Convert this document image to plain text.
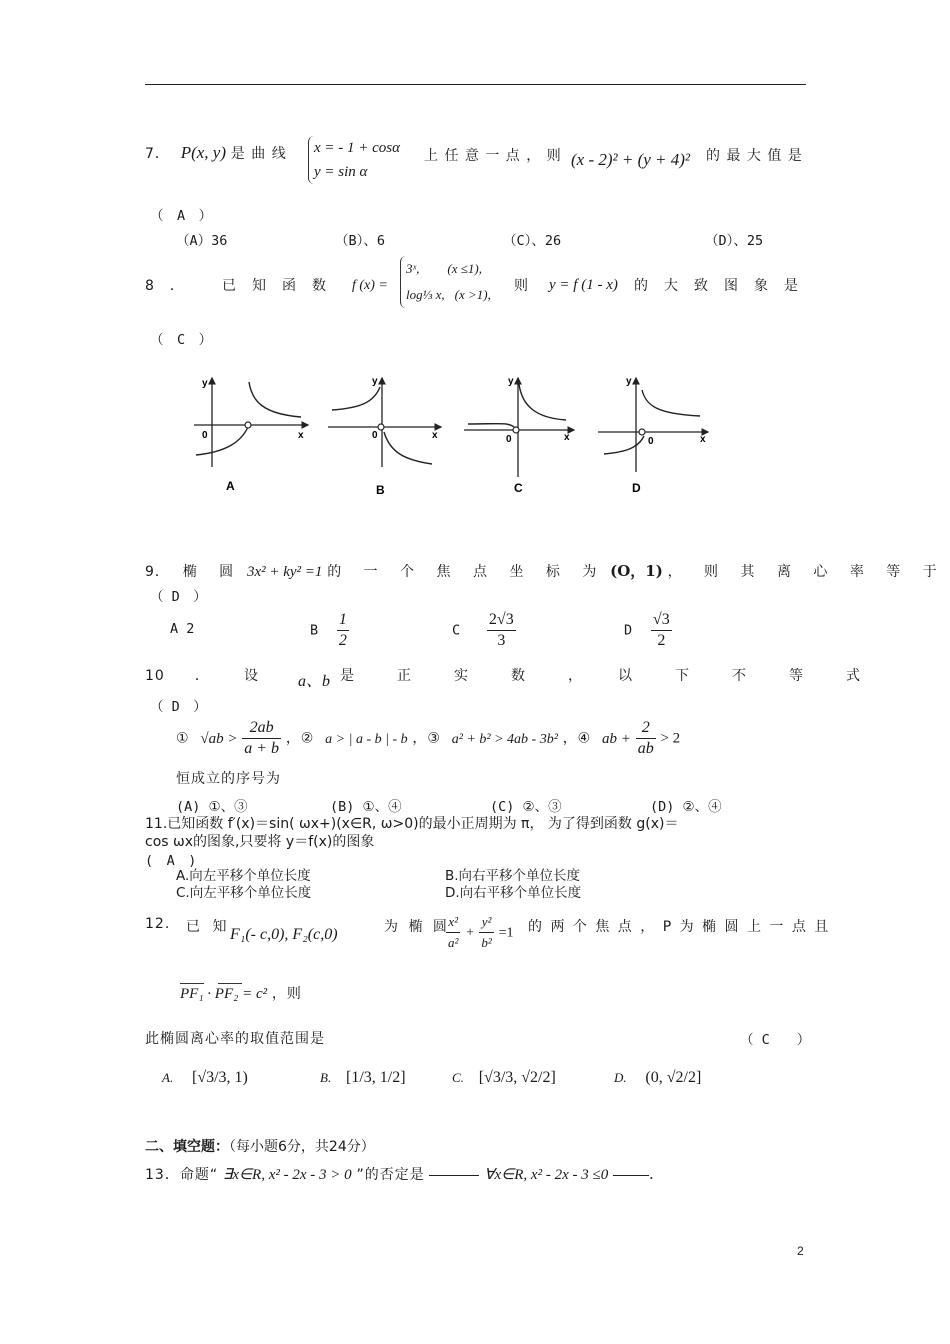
7． P(x, y) 是 曲 线 x = - 1 + cosα
y = sin α
上 任 意 一 点 ， 则 (x - 2)² + (y + 4)² 的 最 大 值 是
（　A　）
（A）36	（B）、6	（C）、26	（D）、25
8　．	已　知　函　数 f (x) =
3ˣ, (x ≤1),
log⅓ x, (x >1),
则 y = f (1 - x) 的　大　致　图　象　是
（　C　）
y
x
0
A
y
x
0
B
y
x
0
C
y
x
0
D
9． 椭 圆 3x² + ky² =1 的 一 个 焦 点 坐 标 为 (O，1) ， 则 其 离 心 率 等 于
（ D　）
A 2	B $\frac{1}{2}$	C $\frac{2√3}{3}$	D $\frac{√3}{2}$
10　　． 设 a、b 是　　正　　实　　数　　，　　以　　下　　不　　等　　式
（ D　）
① $√ab > \frac{2ab}{a + b}$ ，② a > | a - b | - b ，③ a² + b² > 4ab - 3b² ，④ ab + $\frac{2}{ab} > 2$
恒成立的序号为
(A) ①、③	(B) ①、④	(C) ②、③	(D) ②、④
11.已知函数 f′(x)＝sin( ωx+)(x∈R, ω>0)的最小正周期为 π， 为了得到函数 g(x)＝
cos ωx的图象,只要将 y＝f(x)的图象
(　A　)
A.向左平移个单位长度	B.向右平移个单位长度
C.向左平移个单位长度	D.向右平移个单位长度
12. 已 知 F₁(- c,0), F₂(c,0)	为 椭 圆
$\frac{\text{x²}}{\text{a²}} + \frac{\text{y²}}{\text{b²}} =1$ 的 两 个 焦 点 ， P 为 椭 圆 上 一 点 且
PF₁ · PF₂ = c² ，则
此椭圆离心率的取值范围是	（ C　　）
A. [√3/3, 1)	B. [1/3, 1/2]	C. [√3/3, √2/2]	D. (0, √2/2]
二、填空题：（每小题6分，共24分）
13．命题“ ∃x∈R, x² - 2x - 3 > 0 ”的否定是	∀x∈R, x² - 2x - 3 ≤0	.
2
